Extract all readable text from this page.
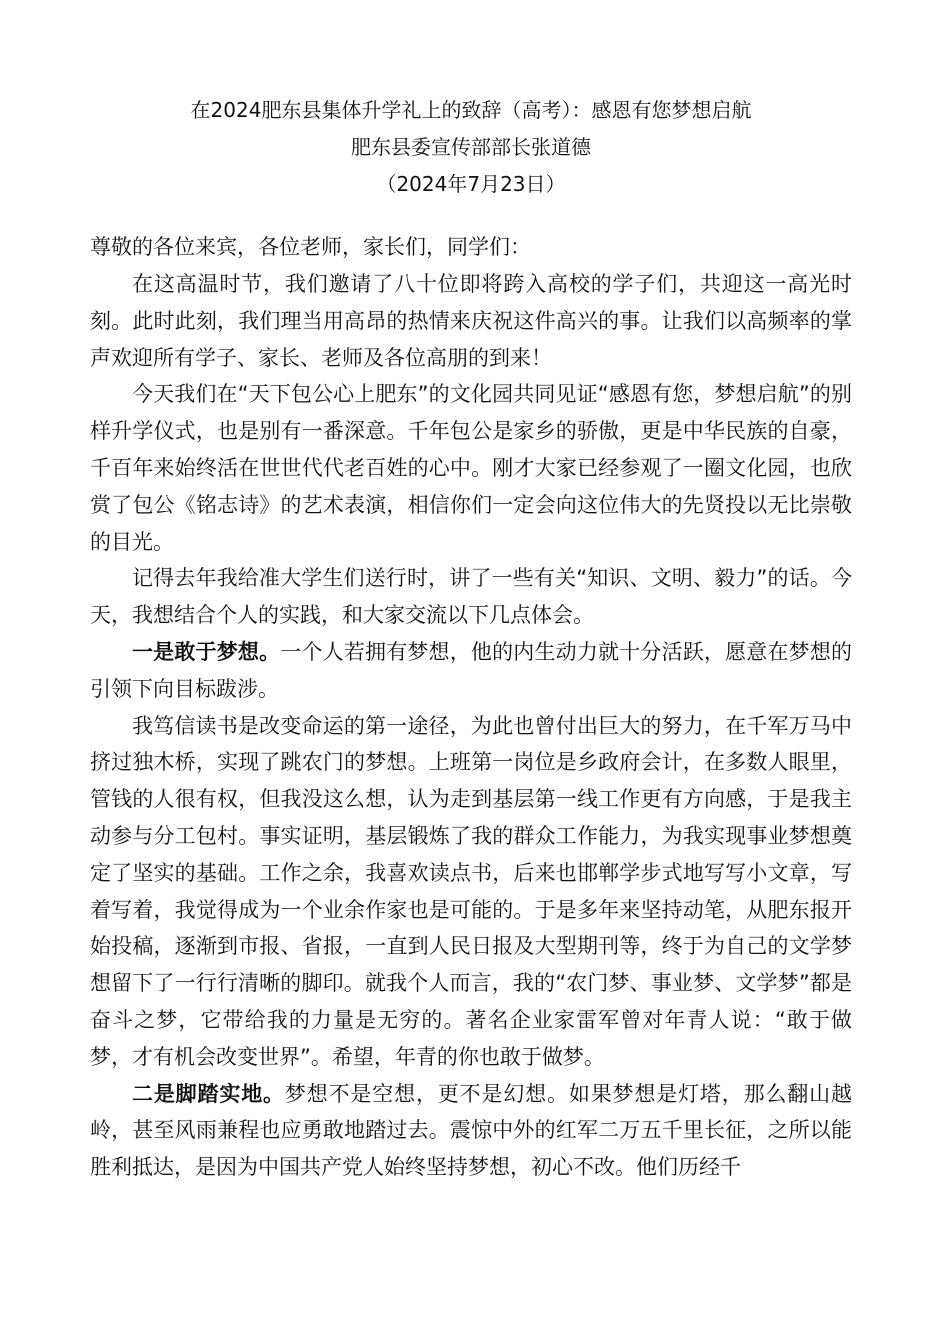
在2024肥东县集体升学礼上的致辞（高考）：感恩有您梦想启航
肥东县委宣传部部长张道德
（2024年7月23日）
尊敬的各位来宾，各位老师，家长们，同学们：

在这高温时节，我们邀请了八十位即将跨入高校的学子们，共迎这一高光时刻。此时此刻，我们理当用高昂的热情来庆祝这件高兴的事。让我们以高频率的掌声欢迎所有学子、家长、老师及各位高朋的到来！

今天我们在“天下包公心上肥东”的文化园共同见证“感恩有您，梦想启航”的别样升学仪式，也是别有一番深意。千年包公是家乡的骄傲，更是中华民族的自豪，千百年来始终活在世世代代老百姓的心中。刚才大家已经参观了一圈文化园，也欣赏了包公《铭志诗》的艺术表演，相信你们一定会向这位伟大的先贤投以无比崇敬的目光。

记得去年我给准大学生们送行时，讲了一些有关“知识、文明、毅力”的话。今天，我想结合个人的实践，和大家交流以下几点体会。

一是敢于梦想。一个人若拥有梦想，他的内生动力就十分活跃，愿意在梦想的引领下向目标跋涉。

我笃信读书是改变命运的第一途径，为此也曾付出巨大的努力，在千军万马中挤过独木桥，实现了跳农门的梦想。上班第一岗位是乡政府会计，在多数人眼里，管钱的人很有权，但我没这么想，认为走到基层第一线工作更有方向感，于是我主动参与分工包村。事实证明，基层锻炼了我的群众工作能力，为我实现事业梦想奠定了坚实的基础。工作之余，我喜欢读点书，后来也邯郸学步式地写写小文章，写着写着，我觉得成为一个业余作家也是可能的。于是多年来坚持动笔，从肥东报开始投稿，逐渐到市报、省报，一直到人民日报及大型期刊等，终于为自己的文学梦想留下了一行行清晰的脚印。就我个人而言，我的“农门梦、事业梦、文学梦”都是奋斗之梦，它带给我的力量是无穷的。著名企业家雷军曾对年青人说：“敢于做梦，才有机会改变世界”。希望，年青的你也敢于做梦。

二是脚踏实地。梦想不是空想，更不是幻想。如果梦想是灯塔，那么翻山越岭，甚至风雨兼程也应勇敢地踏过去。震惊中外的红军二万五千里长征，之所以能胜利抵达，是因为中国共产党人始终坚持梦想，初心不改。他们历经千
